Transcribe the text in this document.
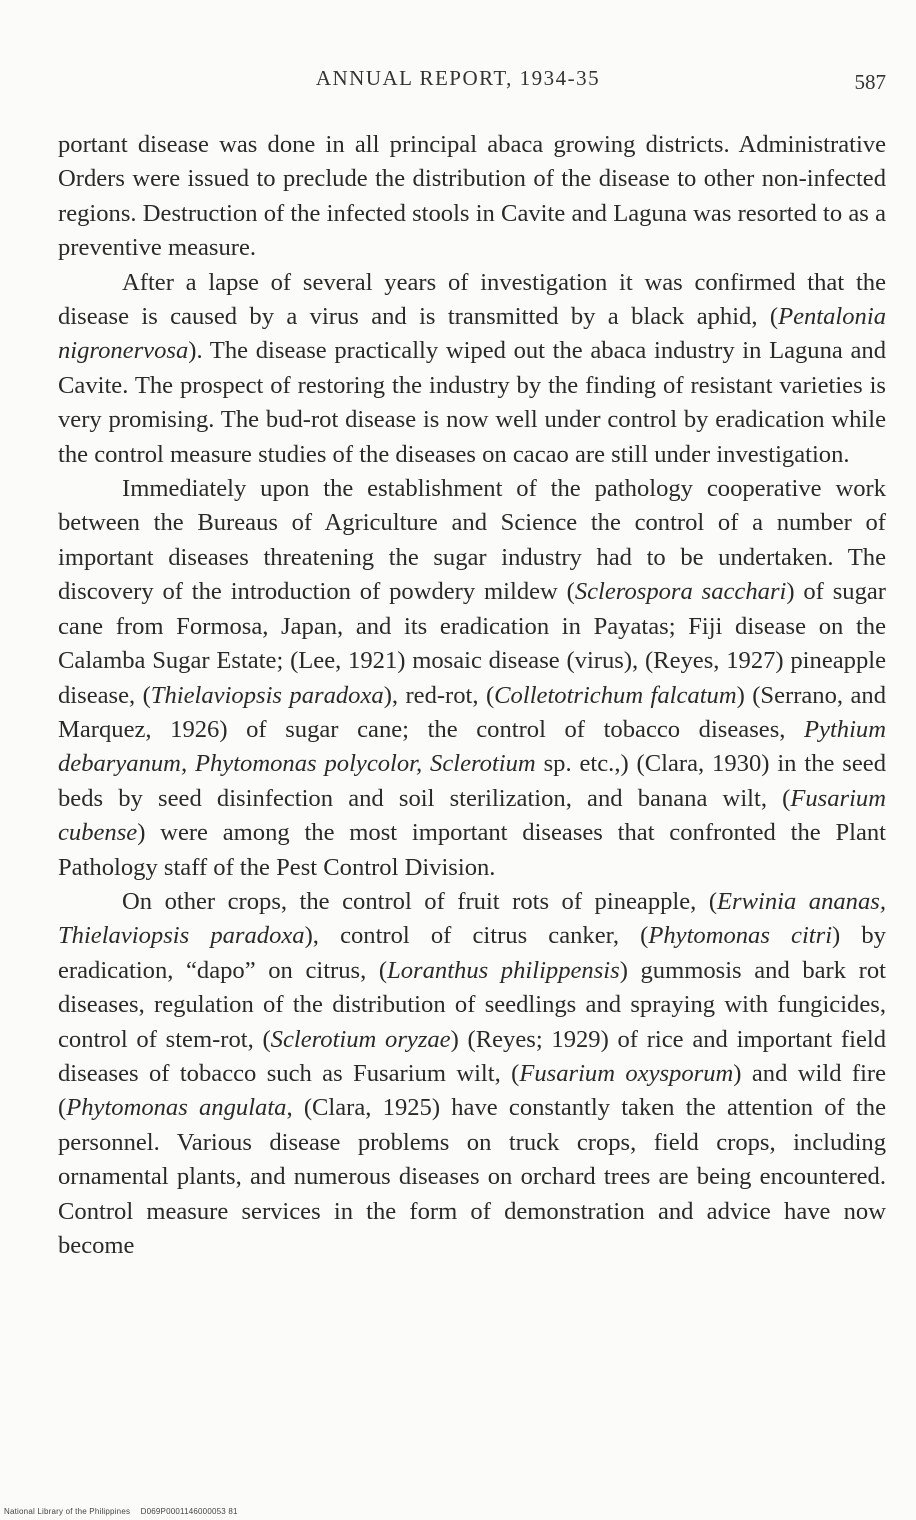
ANNUAL REPORT, 1934-35	587

portant disease was done in all principal abaca growing districts. Administrative Orders were issued to preclude the distribution of the disease to other non-infected regions. Destruction of the infected stools in Cavite and Laguna was resorted to as a preventive measure.

After a lapse of several years of investigation it was confirmed that the disease is caused by a virus and is transmitted by a black aphid, (Pentalonia nigronervosa). The disease practically wiped out the abaca industry in Laguna and Cavite. The prospect of restoring the industry by the finding of resistant varieties is very promising. The bud-rot disease is now well under control by eradication while the control measure studies of the diseases on cacao are still under investigation.

Immediately upon the establishment of the pathology cooperative work between the Bureaus of Agriculture and Science the control of a number of important diseases threatening the sugar industry had to be undertaken. The discovery of the introduction of powdery mildew (Sclerospora sacchari) of sugar cane from Formosa, Japan, and its eradication in Payatas; Fiji disease on the Calamba Sugar Estate; (Lee, 1921) mosaic disease (virus), (Reyes, 1927) pineapple disease, (Thielaviopsis paradoxa), red-rot, (Colletotrichum falcatum) (Serrano, and Marquez, 1926) of sugar cane; the control of tobacco diseases, Pythium debaryanum, Phytomonas polycolor, Sclerotium sp. etc.,) (Clara, 1930) in the seed beds by seed disinfection and soil sterilization, and banana wilt, (Fusarium cubense) were among the most important diseases that confronted the Plant Pathology staff of the Pest Control Division.

On other crops, the control of fruit rots of pineapple, (Erwinia ananas, Thielaviopsis paradoxa), control of citrus canker, (Phytomonas citri) by eradication, “dapo” on citrus, (Loranthus philippensis) gummosis and bark rot diseases, regulation of the distribution of seedlings and spraying with fungicides, control of stem-rot, (Sclerotium oryzae) (Reyes; 1929) of rice and important field diseases of tobacco such as Fusarium wilt, (Fusarium oxysporum) and wild fire (Phytomonas angulata, (Clara, 1925) have constantly taken the attention of the personnel. Various disease problems on truck crops, field crops, including ornamental plants, and numerous diseases on orchard trees are being encountered. Control measure services in the form of demonstration and advice have now become

National Library of the Philippines D069P0001146000053 81
